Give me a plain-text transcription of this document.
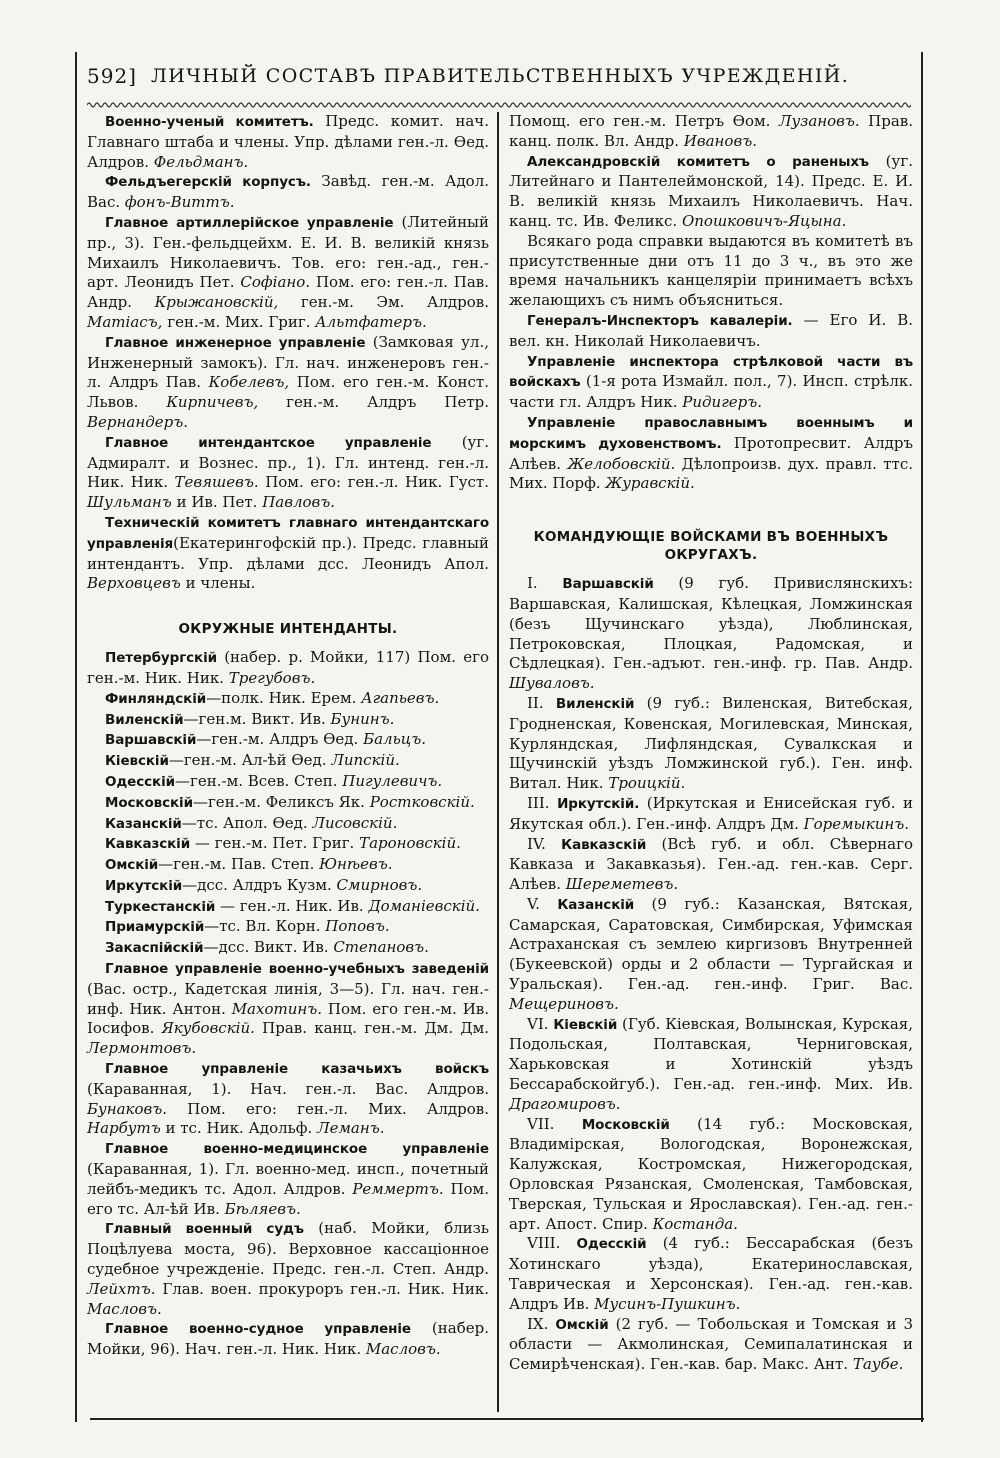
592] ЛИЧНЫЙ СОСТАВЪ ПРАВИТЕЛЬСТВЕННЫХЪ УЧРЕЖДЕНІЙ.

Военно-ученый комитетъ. Предс. комит. нач. Главнаго штаба и члены. Упр. дѣлами ген.-л. Ѳед. Алдров. Фельдманъ.

Фельдъегерскій корпусъ. Завѣд. ген.-м. Адол. Вас. фонъ-Виттъ.

Главное артиллерійское управленіе (Литейный пр., 3). Ген.-фельдцейхм. Е. И. В. великій князь Михаилъ Николаевичъ. Тов. его: ген.-ад., ген.-арт. Леонидъ Пет. Софіано. Пом. его: ген.-л. Пав. Андр. Крыжановскій, ген.-м. Эм. Алдров. Матіасъ, ген.-м. Мих. Григ. Альтфатеръ.

Главное инженерное управленіе (Замковая ул., Инженерный замокъ). Гл. нач. инженеровъ ген.-л. Алдръ Пав. Кобелевъ, Пом. его ген.-м. Конст. Львов. Кирпичевъ, ген.-м. Алдръ Петр. Вернандеръ.

Главное интендантское управленіе (уг. Адмиралт. и Вознес. пр., 1). Гл. интенд. ген.-л. Ник. Ник. Тевяшевъ. Пом. его: ген.-л. Ник. Густ. Шульманъ и Ив. Пет. Павловъ.

Техническій комитетъ главнаго интендантскаго управленія(Екатерингофскій пр.). Предс. главный интендантъ. Упр. дѣлами дсс. Леонидъ Апол. Верховцевъ и члены.

ОКРУЖНЫЕ ИНТЕНДАНТЫ.

Петербургскій (набер. р. Мойки, 117) Пом. его ген.-м. Ник. Ник. Трегубовъ.

Финляндскій—полк. Ник. Ерем. Агапьевъ.

Виленскій—ген.м. Викт. Ив. Бунинъ.

Варшавскій—ген.-м. Алдръ Ѳед. Бальцъ.

Кіевскій—ген.-м. Ал-ѣй Ѳед. Липскій.

Одесскій—ген.-м. Всев. Степ. Пигулевичъ.

Московскій—ген.-м. Феликсъ Як. Ростковскій.

Казанскій—тс. Апол. Ѳед. Лисовскій.

Кавказскій — ген.-м. Пет. Григ. Тароновскій.

Омскій—ген.-м. Пав. Степ. Юнѣевъ.

Иркутскій—дсс. Алдръ Кузм. Смирновъ.

Туркестанскій — ген.-л. Ник. Ив. Доманіевскій.

Приамурскій—тс. Вл. Корн. Поповъ.

Закаспійскій—дсс. Викт. Ив. Степановъ.

Главное управленіе военно-учебныхъ заведеній (Вас. остр., Кадетская линія, 3—5). Гл. нач. ген.-инф. Ник. Антон. Махотинъ. Пом. его ген.-м. Ив. Іосифов. Якубовскій. Прав. канц. ген.-м. Дм. Дм. Лермонтовъ.

Главное управленіе казачьихъ войскъ (Караванная, 1). Нач. ген.-л. Вас. Алдров. Бунаковъ. Пом. его: ген.-л. Мих. Алдров. Нарбутъ и тс. Ник. Адольф. Леманъ.

Главное военно-медицинское управленіе (Караванная, 1). Гл. военно-мед. инсп., почетный лейбъ-медикъ тс. Адол. Алдров. Реммертъ. Пом. его тс. Ал-ѣй Ив. Бѣляевъ.

Главный военный судъ (наб. Мойки, близь Поцѣлуева моста, 96). Верховное кассаціонное судебное учрежденіе. Предс. ген.-л. Степ. Андр. Лейхтъ. Глав. воен. прокуроръ ген.-л. Ник. Ник. Масловъ.

Главное военно-судное управленіе (набер. Мойки, 96). Нач. ген.-л. Ник. Ник. Масловъ.

Помощ. его ген.-м. Петръ Ѳом. Лузановъ. Прав. канц. полк. Вл. Андр. Ивановъ.

Александровскій комитетъ о раненыхъ (уг. Литейнаго и Пантелеймонской, 14). Предс. Е. И. В. великій князь Михаилъ Николаевичъ. Нач. канц. тс. Ив. Феликс. Опошковичъ-Яцына.

Всякаго рода справки выдаются въ комитетѣ въ присутственные дни отъ 11 до 3 ч., въ это же время начальникъ канцеляріи принимаетъ всѣхъ желающихъ съ нимъ объясниться.

Генералъ-Инспекторъ кавалеріи. — Его И. В. вел. кн. Николай Николаевичъ.

Управленіе инспектора стрѣлковой части въ войскахъ (1-я рота Измайл. пол., 7). Инсп. стрѣлк. части гл. Алдръ Ник. Ридигеръ.

Управленіе православнымъ военнымъ и морскимъ духовенствомъ. Протопресвит. Алдръ Алѣев. Желобовскій. Дѣлопроизв. дух. правл. ттс. Мих. Порф. Журавскій.

КОМАНДУЮЩІЕ ВОЙСКАМИ ВЪ ВОЕННЫХЪ ОКРУГАХЪ.

I. Варшавскій (9 губ. Привислянскихъ: Варшавская, Калишская, Кѣлецкая, Ломжинская (безъ Щучинскаго уѣзда), Люблинская, Петроковская, Плоцкая, Радомская, и Сѣдлецкая). Ген.-адъют. ген.-инф. гр. Пав. Андр. Шуваловъ.

II. Виленскій (9 губ.: Виленская, Витебская, Гродненская, Ковенская, Могилевская, Минская, Курляндская, Лифляндская, Сувалкская и Щучинскій уѣздъ Ломжинской губ.). Ген. инф. Витал. Ник. Троицкій.

III. Иркутскій. (Иркутская и Енисейская губ. и Якутская обл.). Ген.-инф. Алдръ Дм. Горемыкинъ.

IV. Кавказскій (Всѣ губ. и обл. Сѣвернаго Кавказа и Закавказья). Ген.-ад. ген.-кав. Серг. Алѣев. Шереметевъ.

V. Казанскій (9 губ.: Казанская, Вятская, Самарская, Саратовская, Симбирская, Уфимская Астраханская съ землею киргизовъ Внутренней (Букеевской) орды и 2 области — Тургайская и Уральская). Ген.-ад. ген.-инф. Григ. Вас. Мещериновъ.

VI. Кіевскій (Губ. Кіевская, Волынская, Курская, Подольская, Полтавская, Черниговская, Харьковская и Хотинскій уѣздъ Бессарабскойгуб.). Ген.-ад. ген.-инф. Мих. Ив. Драгомировъ.

VII. Московскій (14 губ.: Московская, Владимірская, Вологодская, Воронежская, Калужская, Костромская, Нижегородская, Орловская Рязанская, Смоленская, Тамбовская, Тверская, Тульская и Ярославская). Ген.-ад. ген.-арт. Апост. Спир. Костанда.

VIII. Одесскій (4 губ.: Бессарабская (безъ Хотинскаго уѣзда), Екатеринославская, Таврическая и Херсонская). Ген.-ад. ген.-кав. Алдръ Ив. Мусинъ-Пушкинъ.

IX. Омскій (2 губ. — Тобольская и Томская и 3 области — Акмолинская, Семипалатинская и Семирѣченская). Ген.-кав. бар. Макс. Ант. Таубе.
